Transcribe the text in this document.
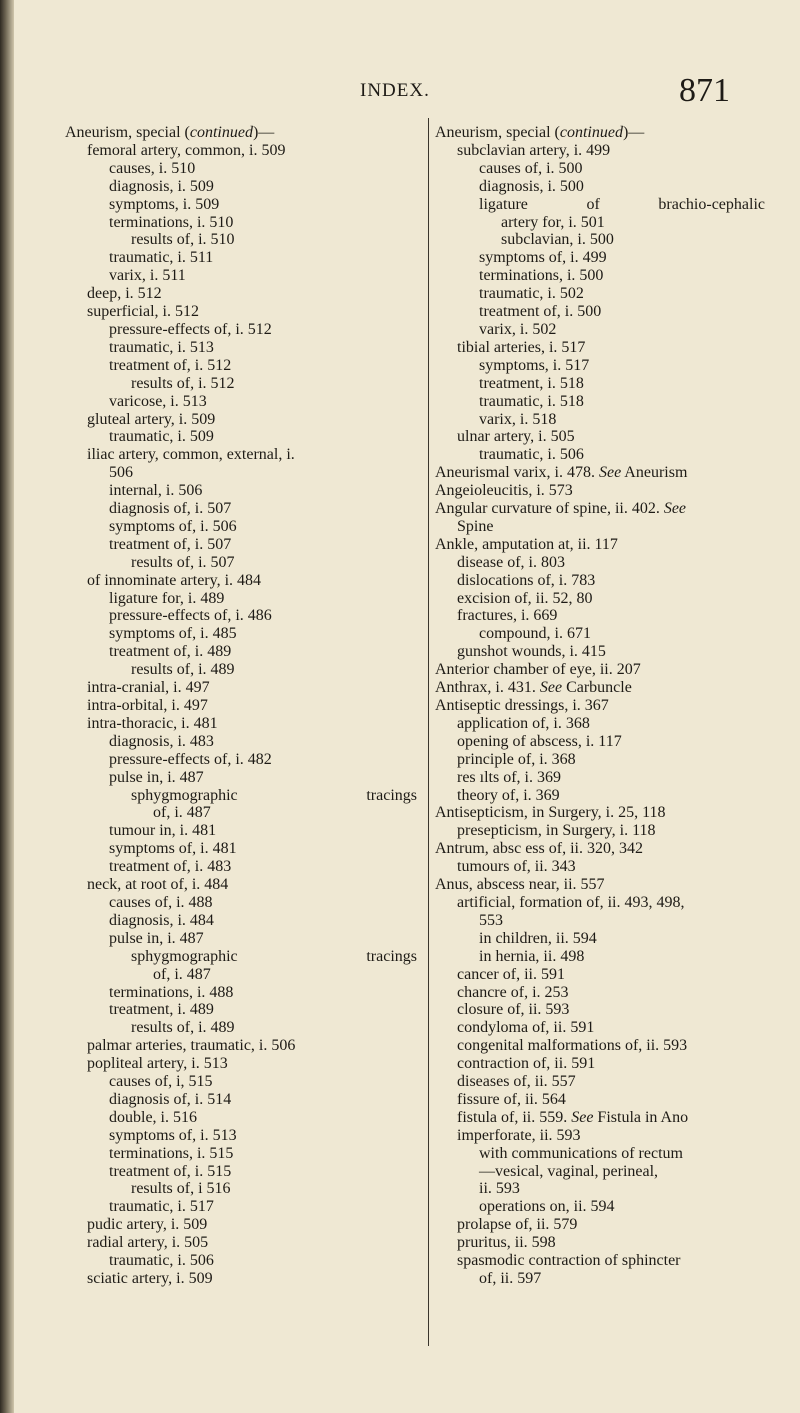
INDEX.	871
Aneurism, special (continued)—
femoral artery, common, i. 509
causes, i. 510
diagnosis, i. 509
symptoms, i. 509
terminations, i. 510
results of, i. 510
traumatic, i. 511
varix, i. 511
deep, i. 512
superficial, i. 512
pressure-effects of, i. 512
traumatic, i. 513
treatment of, i. 512
results of, i. 512
varicose, i. 513
gluteal artery, i. 509
traumatic, i. 509
iliac artery, common, external, i.
506
internal, i. 506
diagnosis of, i. 507
symptoms of, i. 506
treatment of, i. 507
results of, i. 507
of innominate artery, i. 484
ligature for, i. 489
pressure-effects of, i. 486
symptoms of, i. 485
treatment of, i. 489
results of, i. 489
intra-cranial, i. 497
intra-orbital, i. 497
intra-thoracic, i. 481
diagnosis, i. 483
pressure-effects of, i. 482
pulse in, i. 487
sphygmographic	tracings
of, i. 487
tumour in, i. 481
symptoms of, i. 481
treatment of, i. 483
neck, at root of, i. 484
causes of, i. 488
diagnosis, i. 484
pulse in, i. 487
sphygmographic	tracings
of, i. 487
terminations, i. 488
treatment, i. 489
results of, i. 489
palmar arteries, traumatic, i. 506
popliteal artery, i. 513
causes of, i, 515
diagnosis of, i. 514
double, i. 516
symptoms of, i. 513
terminations, i. 515
treatment of, i. 515
results of, i 516
traumatic, i. 517
pudic artery, i. 509
radial artery, i. 505
traumatic, i. 506
sciatic artery, i. 509
Aneurism, special (continued)—
subclavian artery, i. 499
causes of, i. 500
diagnosis, i. 500
ligature	of	brachio-cephalic
artery for, i. 501
subclavian, i. 500
symptoms of, i. 499
terminations, i. 500
traumatic, i. 502
treatment of, i. 500
varix, i. 502
tibial arteries, i. 517
symptoms, i. 517
treatment, i. 518
traumatic, i. 518
varix, i. 518
ulnar artery, i. 505
traumatic, i. 506
Aneurismal varix, i. 478. See Aneurism
Angeioleucitis, i. 573
Angular curvature of spine, ii. 402. See
Spine
Ankle, amputation at, ii. 117
disease of, i. 803
dislocations of, i. 783
excision of, ii. 52, 80
fractures, i. 669
compound, i. 671
gunshot wounds, i. 415
Anterior chamber of eye, ii. 207
Anthrax, i. 431. See Carbuncle
Antiseptic dressings, i. 367
application of, i. 368
opening of abscess, i. 117
principle of, i. 368
res ılts of, i. 369
theory of, i. 369
Antisepticism, in Surgery, i. 25, 118
presepticism, in Surgery, i. 118
Antrum, absc ess of, ii. 320, 342
tumours of, ii. 343
Anus, abscess near, ii. 557
artificial, formation of, ii. 493, 498,
553
in children, ii. 594
in hernia, ii. 498
cancer of, ii. 591
chancre of, i. 253
closure of, ii. 593
condyloma of, ii. 591
congenital malformations of, ii. 593
contraction of, ii. 591
diseases of, ii. 557
fissure of, ii. 564
fistula of, ii. 559. See Fistula in Ano
imperforate, ii. 593
with communications of rectum
—vesical, vaginal, perineal,
ii. 593
operations on, ii. 594
prolapse of, ii. 579
pruritus, ii. 598
spasmodic contraction of sphincter
of, ii. 597
